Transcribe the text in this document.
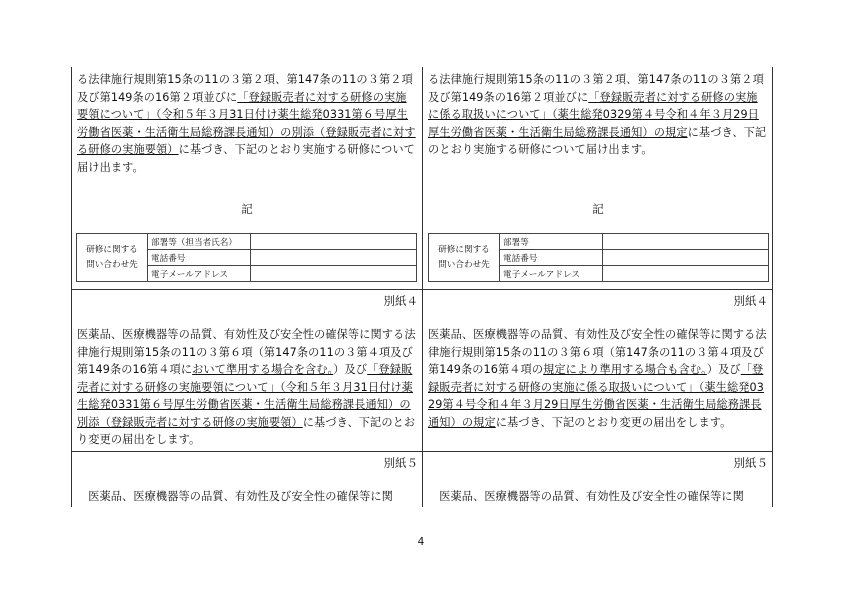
る法律施行規則第15条の11の３第２項、第147条の11の３第２項及び第149条の16第２項並びに「登録販売者に対する研修の実施要領について」（令和５年３月31日付け薬生総発0331第６号厚生労働省医薬・生活衛生局総務課長通知）の別添（登録販売者に対する研修の実施要領）に基づき、下記のとおり実施する研修について届け出ます。

記
研修に関する
問い合わせ先	部署等（担当者氏名）	
	電話番号	
	電子メールアドレス	
別紙４

医薬品、医療機器等の品質、有効性及び安全性の確保等に関する法律施行規則第15条の11の３第６項（第147条の11の３第４項及び第149条の16第４項において準用する場合を含む。）及び「登録販売者に対する研修の実施要領について」（令和５年３月31日付け薬生総発0331第６号厚生労働省医薬・生活衛生局総務課長通知）の別添（登録販売者に対する研修の実施要領）に基づき、下記のとおり変更の届出をします。

別紙５

医薬品、医療機器等の品質、有効性及び安全性の確保等に関

る法律施行規則第15条の11の３第２項、第147条の11の３第２項及び第149条の16第２項並びに「登録販売者に対する研修の実施に係る取扱いについて」（薬生総発0329第４号令和４年３月29日厚生労働省医薬・生活衛生局総務課長通知）の規定に基づき、下記のとおり実施する研修について届け出ます。

記
研修に関する
問い合わせ先	部署等	
	電話番号	
	電子メールアドレス	
別紙４

医薬品、医療機器等の品質、有効性及び安全性の確保等に関する法律施行規則第15条の11の３第６項（第147条の11の３第４項及び第149条の16第４項の規定により準用する場合も含む。）及び「登録販売者に対する研修の実施に係る取扱いについて」（薬生総発0329第４号令和４年３月29日厚生労働省医薬・生活衛生局総務課長通知）の規定に基づき、下記のとおり変更の届出をします。

別紙５

医薬品、医療機器等の品質、有効性及び安全性の確保等に関

4
